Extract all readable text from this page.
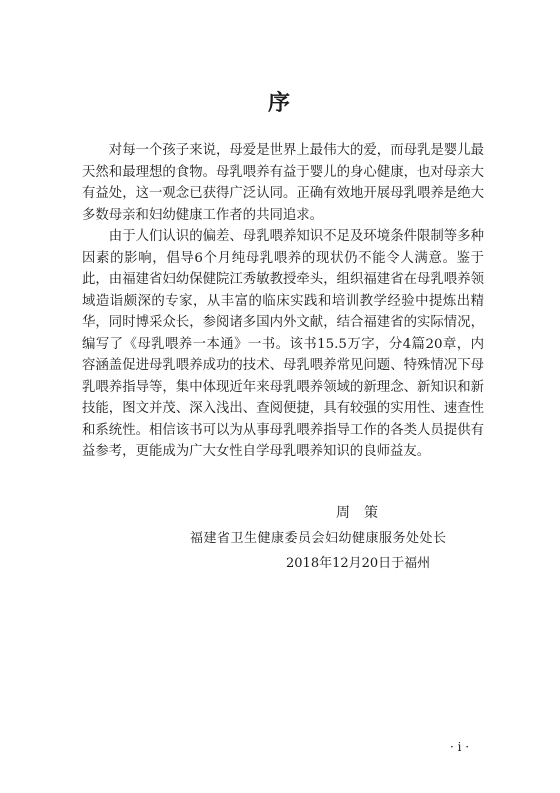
序

对每一个孩子来说，母爱是世界上最伟大的爱，而母乳是婴儿最天然和最理想的食物。母乳喂养有益于婴儿的身心健康，也对母亲大有益处，这一观念已获得广泛认同。正确有效地开展母乳喂养是绝大多数母亲和妇幼健康工作者的共同追求。

由于人们认识的偏差、母乳喂养知识不足及环境条件限制等多种因素的影响，倡导6个月纯母乳喂养的现状仍不能令人满意。鉴于此，由福建省妇幼保健院江秀敏教授牵头，组织福建省在母乳喂养领域造诣颇深的专家，从丰富的临床实践和培训教学经验中提炼出精华，同时博采众长，参阅诸多国内外文献，结合福建省的实际情况，编写了《母乳喂养一本通》一书。该书15.5万字，分4篇20章，内容涵盖促进母乳喂养成功的技术、母乳喂养常见问题、特殊情况下母乳喂养指导等，集中体现近年来母乳喂养领域的新理念、新知识和新技能，图文并茂、深入浅出、查阅便捷，具有较强的实用性、速查性和系统性。相信该书可以为从事母乳喂养指导工作的各类人员提供有益参考，更能成为广大女性自学母乳喂养知识的良师益友。

周策

福建省卫生健康委员会妇幼健康服务处处长

2018年12月20日于福州

· i ·
